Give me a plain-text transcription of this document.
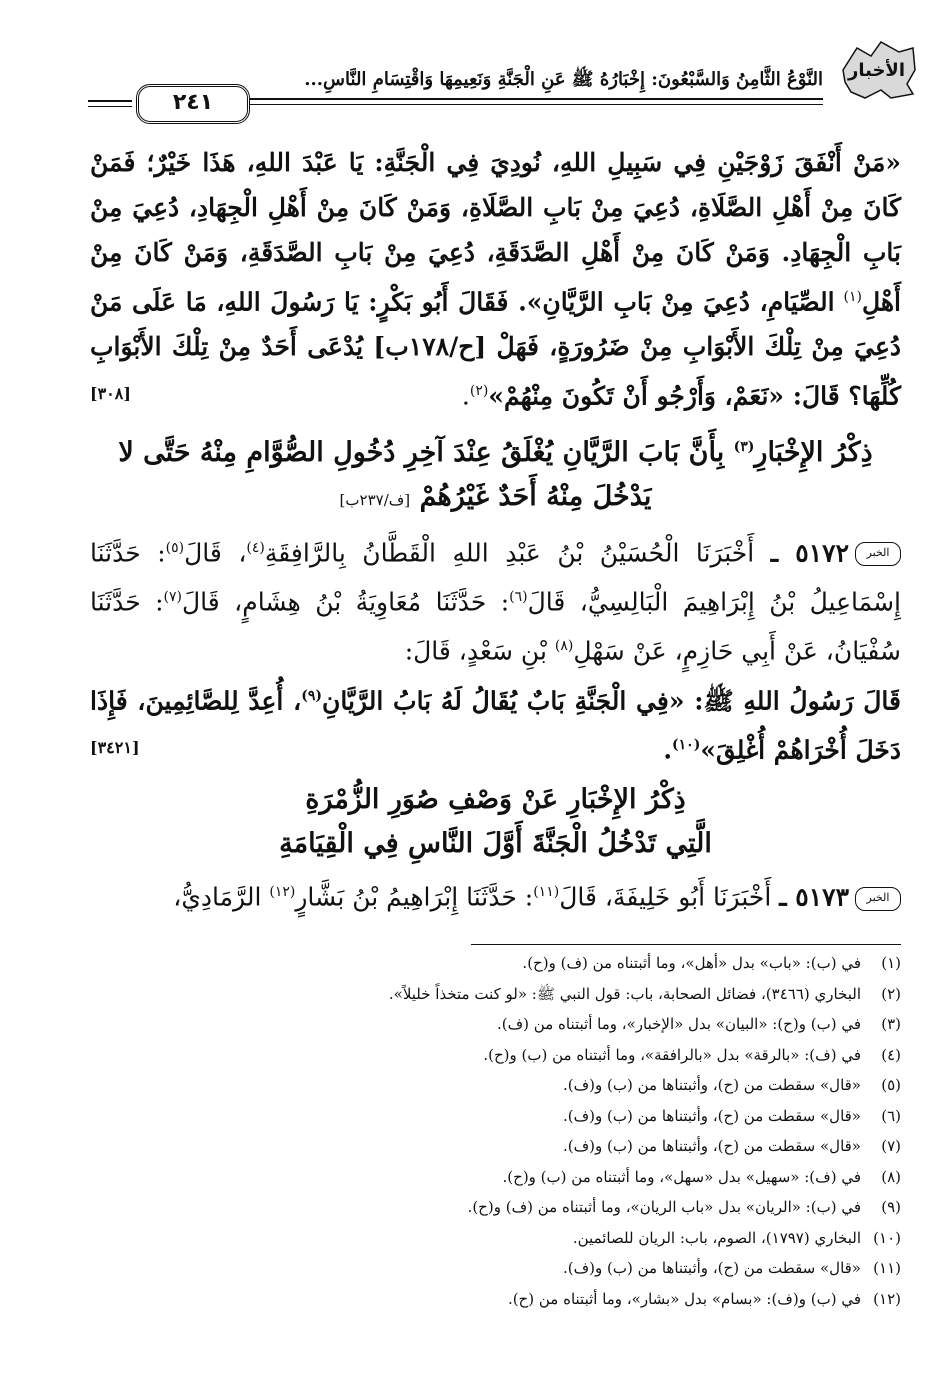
الأخبار
النَّوْعُ الثَّامِنُ وَالسَّبْعُونَ: إِخْبَارُهُ ﷺ عَنِ الْجَنَّةِ وَنَعِيمِهَا وَاقْتِسَامِ النَّاسِ...
٢٤١

«مَنْ أَنْفَقَ زَوْجَيْنِ فِي سَبِيلِ اللهِ، نُودِيَ فِي الْجَنَّةِ: يَا عَبْدَ اللهِ، هَذَا خَيْرٌ؛ فَمَنْ كَانَ مِنْ أَهْلِ الصَّلَاةِ، دُعِيَ مِنْ بَابِ الصَّلَاةِ، وَمَنْ كَانَ مِنْ أَهْلِ الْجِهَادِ، دُعِيَ مِنْ بَابِ الْجِهَادِ. وَمَنْ كَانَ مِنْ أَهْلِ الصَّدَقَةِ، دُعِيَ مِنْ بَابِ الصَّدَقَةِ، وَمَنْ كَانَ مِنْ أَهْلِ$^{(١)}$ الصِّيَامِ، دُعِيَ مِنْ بَابِ الرَّيَّانِ». فَقَالَ أَبُو بَكْرٍ: يَا رَسُولَ اللهِ، مَا عَلَى مَنْ دُعِيَ مِنْ تِلْكَ الأَبْوَابِ مِنْ ضَرُورَةٍ، فَهَلْ [ح/١٧٨ب] يُدْعَى أَحَدٌ مِنْ تِلْكَ الأَبْوَابِ كُلِّهَا؟ قَالَ: «نَعَمْ، وَأَرْجُو أَنْ تَكُونَ مِنْهُمْ»$^{(٢)}$.
[٣٠٨]

ذِكْرُ الإِخْبَارِ$^{(٣)}$ بِأَنَّ بَابَ الرَّيَّانِ يُغْلَقُ عِنْدَ آخِرِ دُخُولِ الصُّوَّامِ مِنْهُ حَتَّى لا يَدْخُلَ مِنْهُ أَحَدٌ غَيْرُهُمْ [ف/٢٣٧ب]

الخبر٥١٧٢ ـ أَخْبَرَنَا الْحُسَيْنُ بْنُ عَبْدِ اللهِ الْقَطَّانُ بِالرَّافِقَةِ$^{(٤)}$، قَالَ$^{(٥)}$: حَدَّثَنَا إِسْمَاعِيلُ بْنُ إِبْرَاهِيمَ الْبَالِسِيُّ، قَالَ$^{(٦)}$: حَدَّثَنَا مُعَاوِيَةُ بْنُ هِشَامٍ، قَالَ$^{(٧)}$: حَدَّثَنَا سُفْيَانُ، عَنْ أَبِي حَازِمٍ، عَنْ سَهْلِ$^{(٨)}$ بْنِ سَعْدٍ، قَالَ:

قَالَ رَسُولُ اللهِ ﷺ: «فِي الْجَنَّةِ بَابٌ يُقَالُ لَهُ بَابُ الرَّيَّانِ$^{(٩)}$، أُعِدَّ لِلصَّائِمِينَ، فَإِذَا دَخَلَ أُخْرَاهُمْ أُغْلِقَ»$^{(١٠)}$.
[٣٤٢١]

ذِكْرُ الإِخْبَارِ عَنْ وَصْفِ صُوَرِ الزُّمْرَةِ
الَّتِي تَدْخُلُ الْجَنَّةَ أَوَّلَ النَّاسِ فِي الْقِيَامَةِ

الخبر٥١٧٣ ـ أَخْبَرَنَا أَبُو خَلِيفَةَ، قَالَ$^{(١١)}$: حَدَّثَنَا إِبْرَاهِيمُ بْنُ بَشَّارٍ$^{(١٢)}$ الرَّمَادِيُّ،

(١)في (ب): «باب» بدل «أهل»، وما أثبتناه من (ف) و(ح).
(٢)البخاري (٣٤٦٦)، فضائل الصحابة، باب: قول النبي ﷺ: «لو كنت متخذاً خليلاً».
(٣)في (ب) و(ح): «البيان» بدل «الإخبار»، وما أثبتناه من (ف).
(٤)في (ف): «بالرقة» بدل «بالرافقة»، وما أثبتناه من (ب) و(ح).
(٥)«قال» سقطت من (ح)، وأثبتناها من (ب) و(ف).
(٦)«قال» سقطت من (ح)، وأثبتناها من (ب) و(ف).
(٧)«قال» سقطت من (ح)، وأثبتناها من (ب) و(ف).
(٨)في (ف): «سهيل» بدل «سهل»، وما أثبتناه من (ب) و(ح).
(٩)في (ب): «الريان» بدل «باب الريان»، وما أثبتناه من (ف) و(ح).
(١٠)البخاري (١٧٩٧)، الصوم، باب: الريان للصائمين.
(١١)«قال» سقطت من (ح)، وأثبتناها من (ب) و(ف).
(١٢)في (ب) و(ف): «بسام» بدل «بشار»، وما أثبتناه من (ح).
